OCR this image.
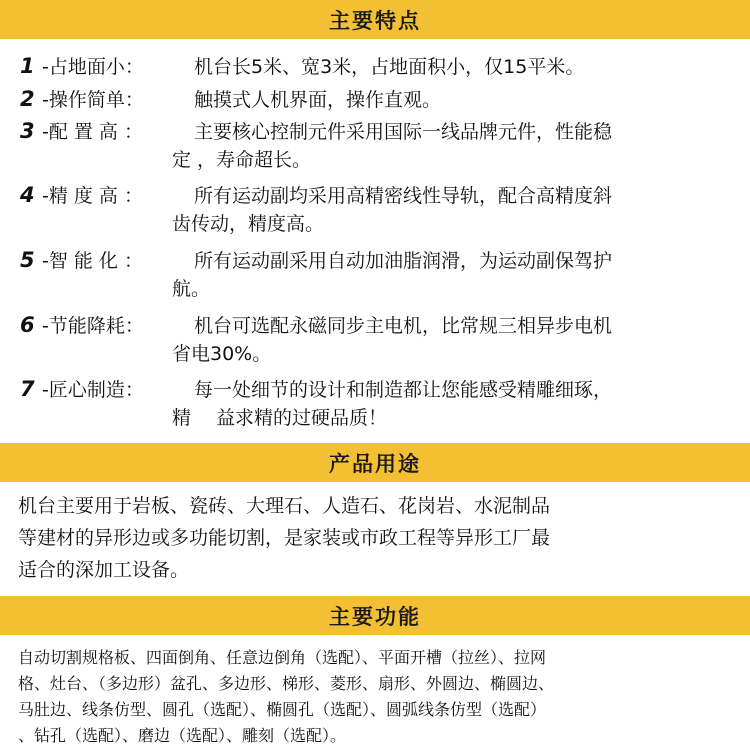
主要特点
1 -占地面小：	机台长5米、宽3米，占地面积小，仅15平米。
2 -操作简单：	触摸式人机界面，操作直观。
3 -配 置 高 ：	主要核心控制元件采用国际一线品牌元件，性能稳
定 ，寿命超长。
4 -精 度 高 ：	所有运动副均采用高精密线性导轨，配合高精度斜
齿传动，精度高。
5 -智 能 化 ：	所有运动副采用自动加油脂润滑，为运动副保驾护
航。
6 -节能降耗：	机台可选配永磁同步主电机，比常规三相异步电机
省电30%。
7 -匠心制造：	每一处细节的设计和制造都让您能感受精雕细琢，
精　 益求精的过硬品质！
产品用途
机台主要用于岩板、瓷砖、大理石、人造石、花岗岩、水泥制品
等建材的异形边或多功能切割，是家装或市政工程等异形工厂最
适合的深加工设备。
主要功能
自动切割规格板、四面倒角、任意边倒角（选配）、平面开槽（拉丝）、拉网
格、灶台、（多边形）盆孔、多边形、梯形、菱形、扇形、外圆边、椭圆边、
马肚边、线条仿型、圆孔（选配）、椭圆孔（选配）、圆弧线条仿型（选配）
、钻孔（选配）、磨边（选配）、雕刻（选配）。
